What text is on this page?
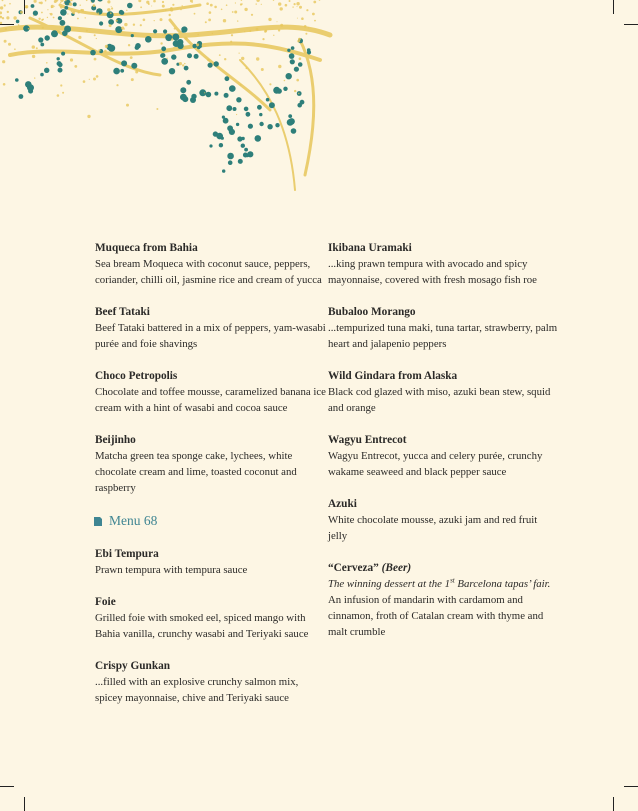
Muqueca from Bahia

Sea bream Moqueca with coconut sauce, peppers, coriander, chilli oil, jasmine rice and cream of yucca

Beef Tataki

Beef Tataki battered in a mix of peppers, yam-wasabi purée and foie shavings

Choco Petropolis

Chocolate and toffee mousse, caramelized banana ice cream with a hint of wasabi and cocoa sauce

Beijinho

Matcha green tea sponge cake, lychees, white chocolate cream and lime, toasted coconut and raspberry

Menu 68

Ebi Tempura

Prawn tempura with tempura sauce

Foie

Grilled foie with smoked eel, spiced mango with Bahia vanilla, crunchy wasabi and Teriyaki sauce

Crispy Gunkan

...filled with an explosive crunchy salmon mix, spicey mayonnaise, chive and Teriyaki sauce

Ikibana Uramaki

...king prawn tempura with avocado and spicy mayonnaise, covered with fresh mosago fish roe

Bubaloo Morango

...tempurized tuna maki, tuna tartar, strawberry, palm heart and jalapenio peppers

Wild Gindara from Alaska

Black cod glazed with miso, azuki bean stew, squid and orange

Wagyu Entrecot

Wagyu Entrecot, yucca and celery purée, crunchy wakame seaweed and black pepper sauce

Azuki

White chocolate mousse, azuki jam and red fruit jelly

“Cerveza” (Beer)

The winning dessert at the 1st Barcelona tapas’ fair. An infusion of mandarin with cardamom and cinnamon, froth of Catalan cream with thyme and malt crumble
